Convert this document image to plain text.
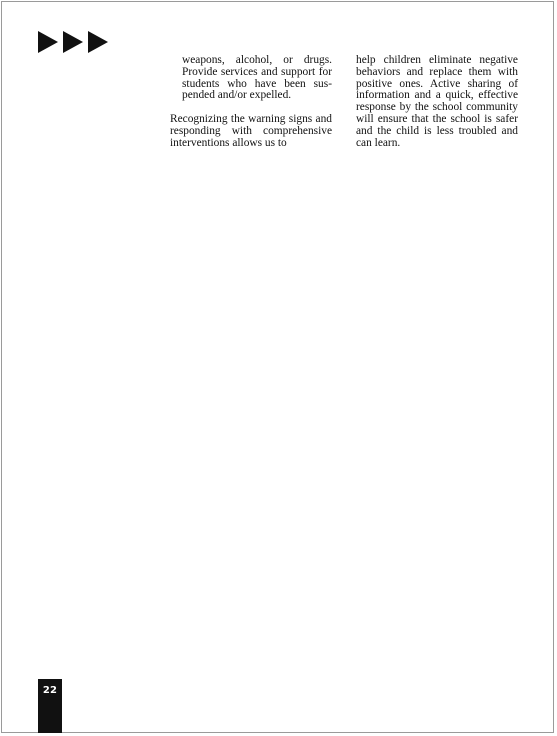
weapons, alcohol, or drugs. Provide services and support for students who have been suspended and/or expelled.

Recognizing the warning signs and responding with comprehensive interventions allows us to

help children eliminate negative behaviors and replace them with positive ones. Active sharing of information and a quick, effective response by the school community will ensure that the school is safer and the child is less troubled and can learn.

22
